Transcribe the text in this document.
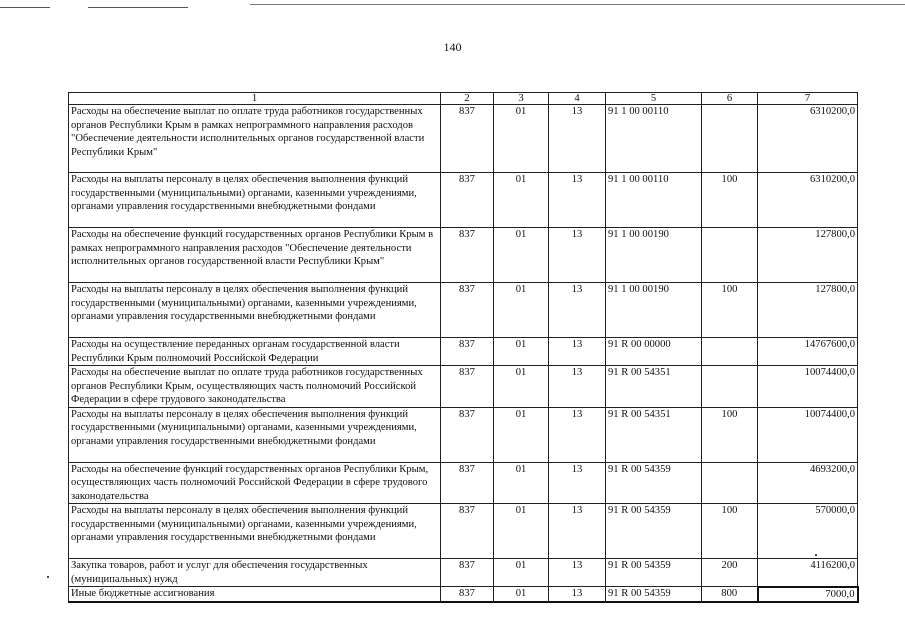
140
1	2	3	4	5	6	7
Расходы на обеспечение выплат по оплате труда работников государственных органов Республики Крым в рамках непрограммного направления расходов "Обеспечение деятельности исполнительных органов государственной власти Республики Крым"	837	01	13	91 1 00 00110		6310200,0
Расходы на выплаты персоналу в целях обеспечения выполнения функций государственными (муниципальными) органами, казенными учреждениями, органами управления государственными внебюджетными фондами	837	01	13	91 1 00 00110	100	6310200,0
Расходы на обеспечение функций государственных органов Республики Крым в рамках непрограммного направления расходов "Обеспечение деятельности исполнительных органов государственной власти Республики Крым"	837	01	13	91 1 00 00190		127800,0
Расходы на выплаты персоналу в целях обеспечения выполнения функций государственными (муниципальными) органами, казенными учреждениями, органами управления государственными внебюджетными фондами	837	01	13	91 1 00 00190	100	127800,0
Расходы на осуществление переданных органам государственной власти Республики Крым полномочий Российской Федерации	837	01	13	91 R 00 00000		14767600,0
Расходы на обеспечение выплат по оплате труда работников государственных органов Республики Крым, осуществляющих часть полномочий Российской Федерации в сфере трудового законодательства	837	01	13	91 R 00 54351		10074400,0
Расходы на выплаты персоналу в целях обеспечения выполнения функций государственными (муниципальными) органами, казенными учреждениями, органами управления государственными внебюджетными фондами	837	01	13	91 R 00 54351	100	10074400,0
Расходы на обеспечение функций государственных органов Республики Крым, осуществляющих часть полномочий Российской Федерации в сфере трудового законодательства	837	01	13	91 R 00 54359		4693200,0
Расходы на выплаты персоналу в целях обеспечения выполнения функций государственными (муниципальными) органами, казенными учреждениями, органами управления государственными внебюджетными фондами	837	01	13	91 R 00 54359	100	570000,0
Закупка товаров, работ и услуг для обеспечения государственных (муниципальных) нужд	837	01	13	91 R 00 54359	200	4116200,0
Иные бюджетные ассигнования	837	01	13	91 R 00 54359	800	7000,0
